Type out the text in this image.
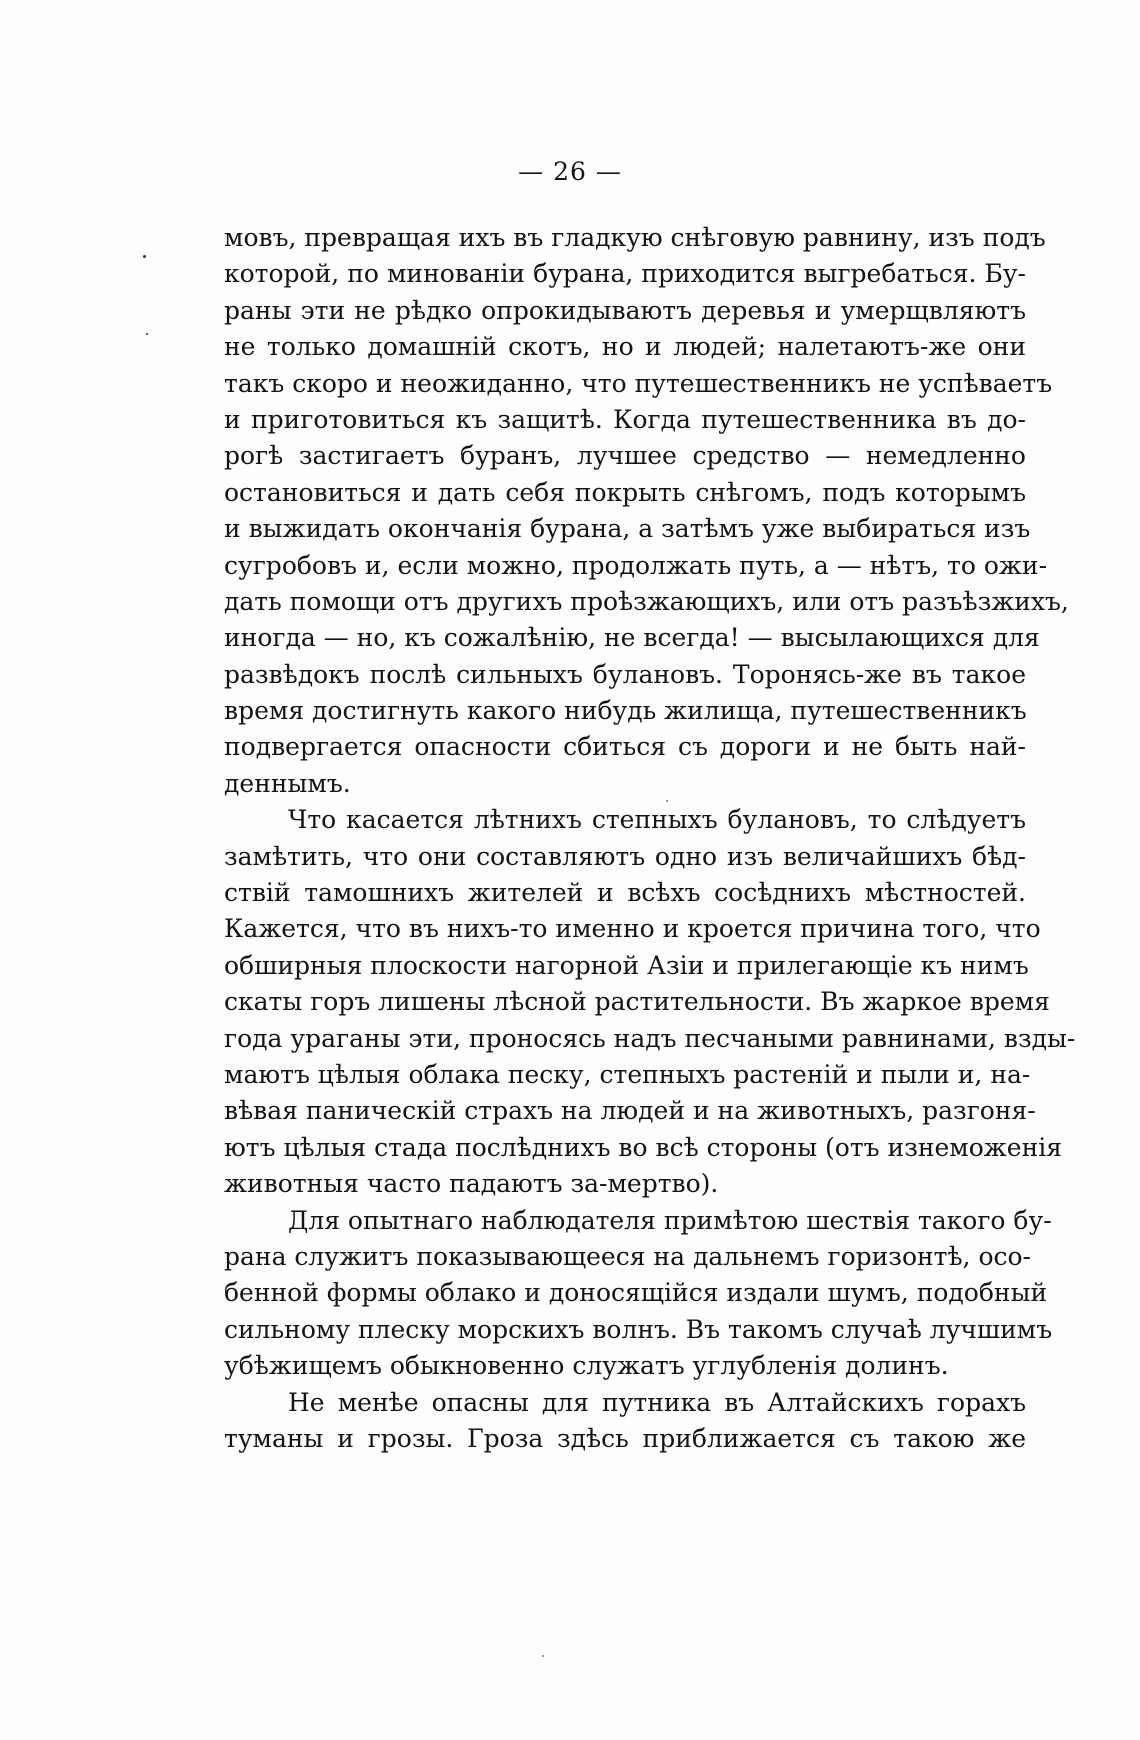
— 26 —
мовъ, превращая ихъ въ гладкую снѣговую равнину, изъ подъ
которой, по минованіи бурана, приходится выгребаться. Бу-
раны эти не рѣдко опрокидываютъ деревья и умерщвляютъ
не только домашній скотъ, но и людей; налетаютъ-же они
такъ скоро и неожиданно, что путешественникъ не успѣваетъ
и приготовиться къ защитѣ. Когда путешественника въ до-
рогѣ застигаетъ буранъ, лучшее средство — немедленно
остановиться и дать себя покрыть снѣгомъ, подъ которымъ
и выжидать окончанія бурана, а затѣмъ уже выбираться изъ
сугробовъ и, если можно, продолжать путь, а — нѣтъ, то ожи-
дать помощи отъ другихъ проѣзжающихъ, или отъ разъѣзжихъ,
иногда — но, къ сожалѣнію, не всегда! — высылающихся для
развѣдокъ послѣ сильныхъ булановъ. Торонясь-же въ такое
время достигнуть какого нибудь жилища, путешественникъ
подвергается опасности сбиться съ дороги и не быть най-
деннымъ.
Что касается лѣтнихъ степныхъ булановъ, то слѣдуетъ
замѣтить, что они составляютъ одно изъ величайшихъ бѣд-
ствій тамошнихъ жителей и всѣхъ сосѣднихъ мѣстностей.
Кажется, что въ нихъ-то именно и кроется причина того, что
обширныя плоскости нагорной Азіи и прилегающіе къ нимъ
скаты горъ лишены лѣсной растительности. Въ жаркое время
года ураганы эти, проносясь надъ песчаными равнинами, взды-
маютъ цѣлыя облака песку, степныхъ растеній и пыли и, на-
вѣвая паническій страхъ на людей и на животныхъ, разгоня-
ютъ цѣлыя стада послѣднихъ во всѣ стороны (отъ изнеможенія
животныя часто падаютъ за-мертво).
Для опытнаго наблюдателя примѣтою шествія такого бу-
рана служитъ показывающееся на дальнемъ горизонтѣ, осо-
бенной формы облако и доносящійся издали шумъ, подобный
сильному плеску морскихъ волнъ. Въ такомъ случаѣ лучшимъ
убѣжищемъ обыкновенно служатъ углубленія долинъ.
Не менѣе опасны для путника въ Алтайскихъ горахъ
туманы и грозы. Гроза здѣсь приближается съ такою же
